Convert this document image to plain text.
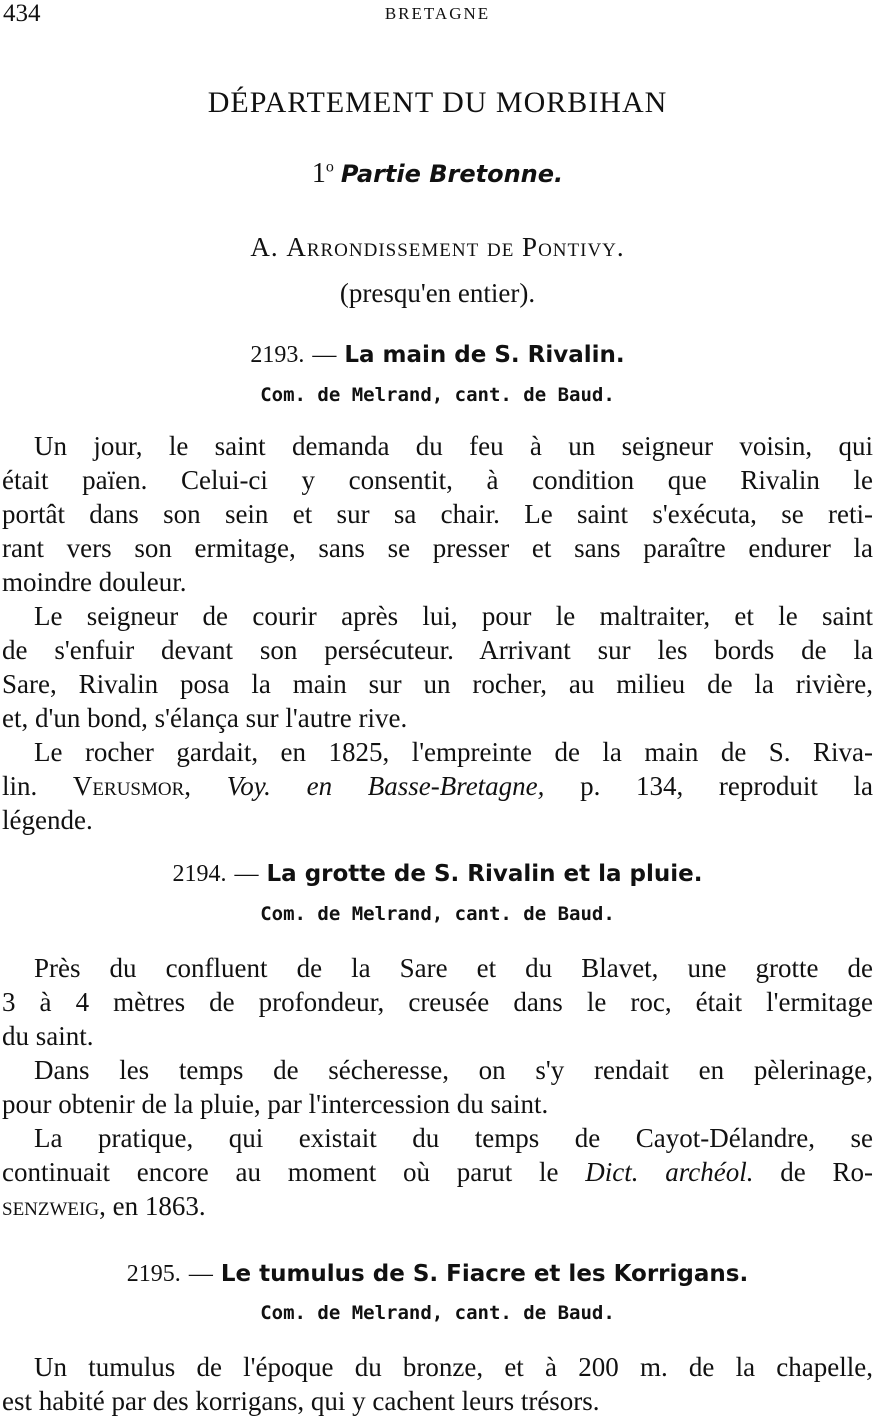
434	BRETAGNE
DÉPARTEMENT DU MORBIHAN
1$^o$ Partie Bretonne.
A. Arrondissement de Pontivy.
(presqu'en entier).
2193. — La main de S. Rivalin.
Com. de Melrand, cant. de Baud.
Un jour, le saint demanda du feu à un seigneur voisin, qui
était païen. Celui-ci y consentit, à condition que Rivalin le
portât dans son sein et sur sa chair. Le saint s'exécuta, se reti-
rant vers son ermitage, sans se presser et sans paraître endurer la
moindre douleur.
Le seigneur de courir après lui, pour le maltraiter, et le saint
de s'enfuir devant son persécuteur. Arrivant sur les bords de la
Sare, Rivalin posa la main sur un rocher, au milieu de la rivière,
et, d'un bond, s'élança sur l'autre rive.
Le rocher gardait, en 1825, l'empreinte de la main de S. Riva-
lin. Verusmor, Voy. en Basse-Bretagne, p. 134, reproduit la
légende.
2194. — La grotte de S. Rivalin et la pluie.
Com. de Melrand, cant. de Baud.
Près du confluent de la Sare et du Blavet, une grotte de
3 à 4 mètres de profondeur, creusée dans le roc, était l'ermitage
du saint.
Dans les temps de sécheresse, on s'y rendait en pèlerinage,
pour obtenir de la pluie, par l'intercession du saint.
La pratique, qui existait du temps de Cayot-Délandre, se
continuait encore au moment où parut le Dict. archéol. de Ro-
senzweig, en 1863.
2195. — Le tumulus de S. Fiacre et les Korrigans.
Com. de Melrand, cant. de Baud.
Un tumulus de l'époque du bronze, et à 200 m. de la chapelle,
est habité par des korrigans, qui y cachent leurs trésors.
